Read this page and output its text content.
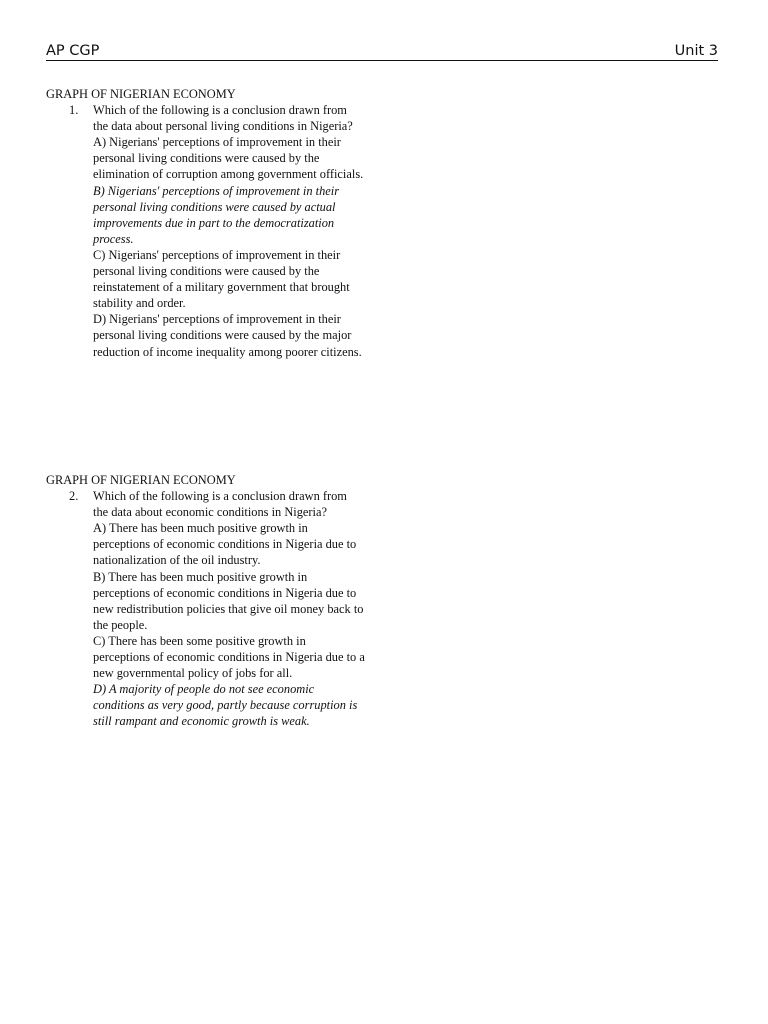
AP CGP	Unit 3
GRAPH OF NIGERIAN ECONOMY
1. Which of the following is a conclusion drawn from the data about personal living conditions in Nigeria?
A) Nigerians' perceptions of improvement in their personal living conditions were caused by the elimination of corruption among government officials.
B) Nigerians' perceptions of improvement in their personal living conditions were caused by actual improvements due in part to the democratization process.
C) Nigerians' perceptions of improvement in their personal living conditions were caused by the reinstatement of a military government that brought stability and order.
D) Nigerians' perceptions of improvement in their personal living conditions were caused by the major reduction of income inequality among poorer citizens.
GRAPH OF NIGERIAN ECONOMY
2. Which of the following is a conclusion drawn from the data about economic conditions in Nigeria?
A) There has been much positive growth in perceptions of economic conditions in Nigeria due to nationalization of the oil industry.
B) There has been much positive growth in perceptions of economic conditions in Nigeria due to new redistribution policies that give oil money back to the people.
C) There has been some positive growth in perceptions of economic conditions in Nigeria due to a new governmental policy of jobs for all.
D) A majority of people do not see economic conditions as very good, partly because corruption is still rampant and economic growth is weak.
